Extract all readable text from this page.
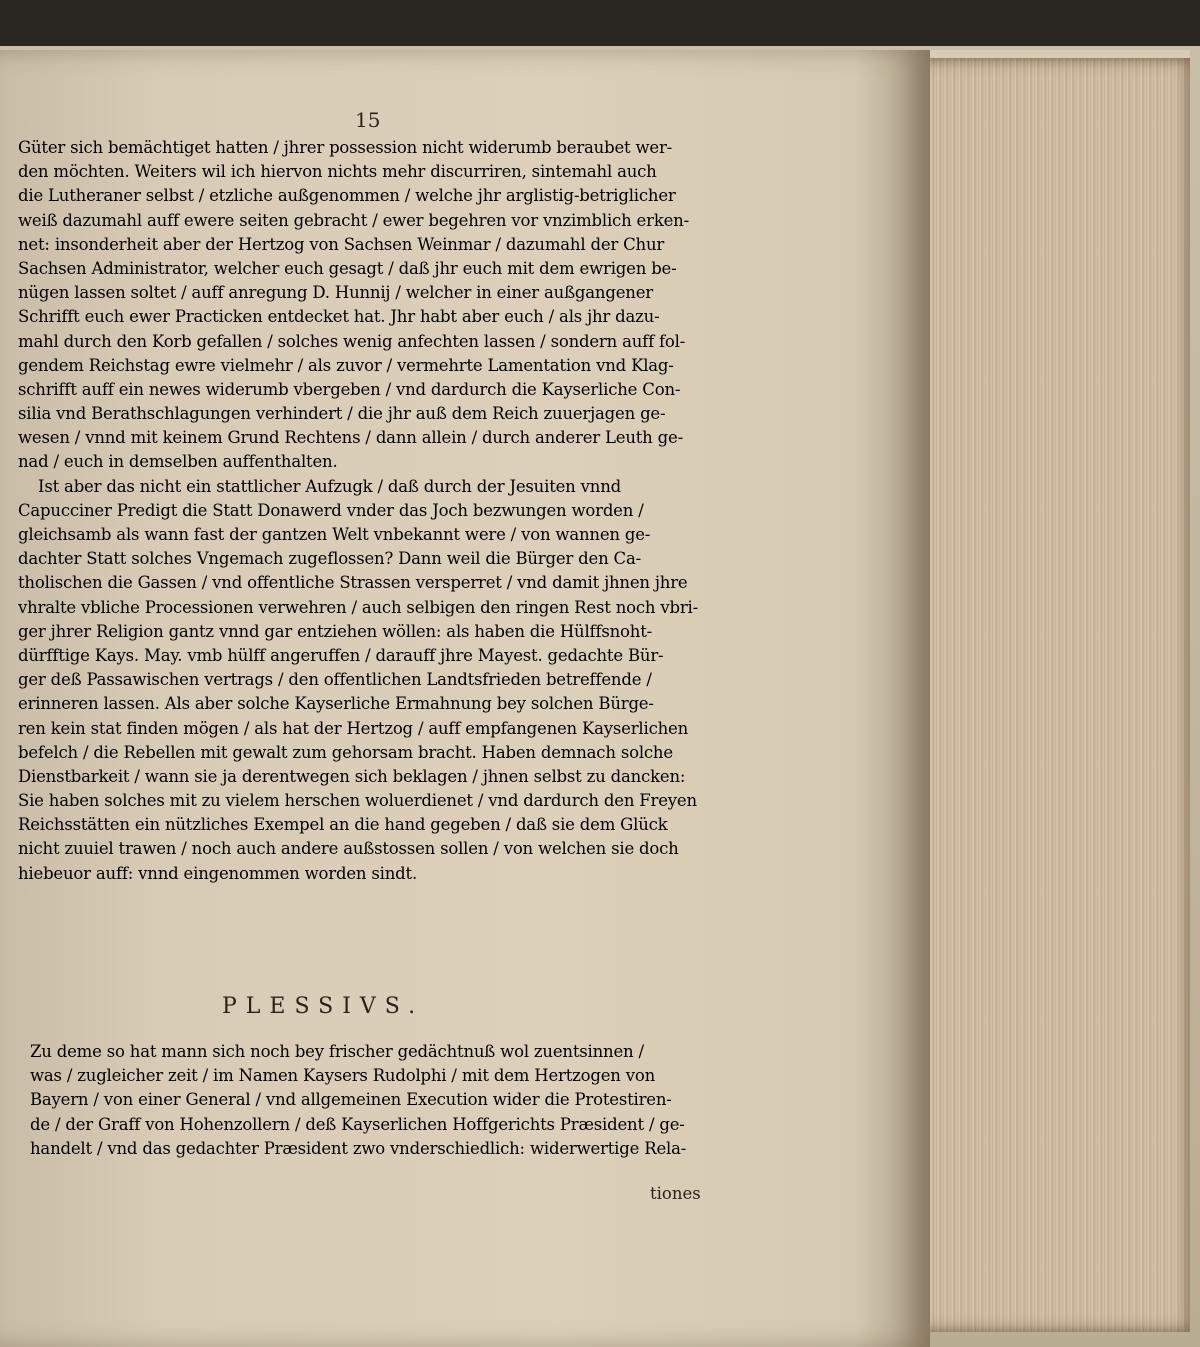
15
Güter sich bemächtiget hatten / jhrer possession nicht widerumb beraubet wer-
den möchten. Weiters wil ich hiervon nichts mehr discurriren, sintemahl auch
die Lutheraner selbst / etzliche außgenommen / welche jhr arglistig-betriglicher
weiß dazumahl auff ewere seiten gebracht / ewer begehren vor vnzimblich erken-
net: insonderheit aber der Hertzog von Sachsen Weinmar / dazumahl der Chur
Sachsen Administrator, welcher euch gesagt / daß jhr euch mit dem ewrigen be-
nügen lassen soltet / auff anregung D. Hunnij / welcher in einer außgangener
Schrifft euch ewer Practicken entdecket hat. Jhr habt aber euch / als jhr dazu-
mahl durch den Korb gefallen / solches wenig anfechten lassen / sondern auff fol-
gendem Reichstag ewre vielmehr / als zuvor / vermehrte Lamentation vnd Klag-
schrifft auff ein newes widerumb vbergeben / vnd dardurch die Kayserliche Con-
silia vnd Berathschlagungen verhindert / die jhr auß dem Reich zuuerjagen ge-
wesen / vnnd mit keinem Grund Rechtens / dann allein / durch anderer Leuth ge-
nad / euch in demselben auffenthalten.
Ist aber das nicht ein stattlicher Aufzugk / daß durch der Jesuiten vnnd
Capucciner Predigt die Statt Donawerd vnder das Joch bezwungen worden /
gleichsamb als wann fast der gantzen Welt vnbekannt were / von wannen ge-
dachter Statt solches Vngemach zugeflossen? Dann weil die Bürger den Ca-
tholischen die Gassen / vnd offentliche Strassen versperret / vnd damit jhnen jhre
vhralte vbliche Processionen verwehren / auch selbigen den ringen Rest noch vbri-
ger jhrer Religion gantz vnnd gar entziehen wöllen: als haben die Hülffsnoht-
dürfftige Kays. May. vmb hülff angeruffen / darauff jhre Mayest. gedachte Bür-
ger deß Passawischen vertrags / den offentlichen Landtsfrieden betreffende /
erinneren lassen. Als aber solche Kayserliche Ermahnung bey solchen Bürge-
ren kein stat finden mögen / als hat der Hertzog / auff empfangenen Kayserlichen
befelch / die Rebellen mit gewalt zum gehorsam bracht. Haben demnach solche
Dienstbarkeit / wann sie ja derentwegen sich beklagen / jhnen selbst zu dancken:
Sie haben solches mit zu vielem herschen woluerdienet / vnd dardurch den Freyen
Reichsstätten ein nützliches Exempel an die hand gegeben / daß sie dem Glück
nicht zuuiel trawen / noch auch andere außstossen sollen / von welchen sie doch
hiebeuor auff: vnnd eingenommen worden sindt.
PLESSIVS.
Zu deme so hat mann sich noch bey frischer gedächtnuß wol zuentsinnen /
was / zugleicher zeit / im Namen Kaysers Rudolphi / mit dem Hertzogen von
Bayern / von einer General / vnd allgemeinen Execution wider die Protestiren-
de / der Graff von Hohenzollern / deß Kayserlichen Hoffgerichts Præsident / ge-
handelt / vnd das gedachter Præsident zwo vnderschiedlich: widerwertige Rela-
tiones
